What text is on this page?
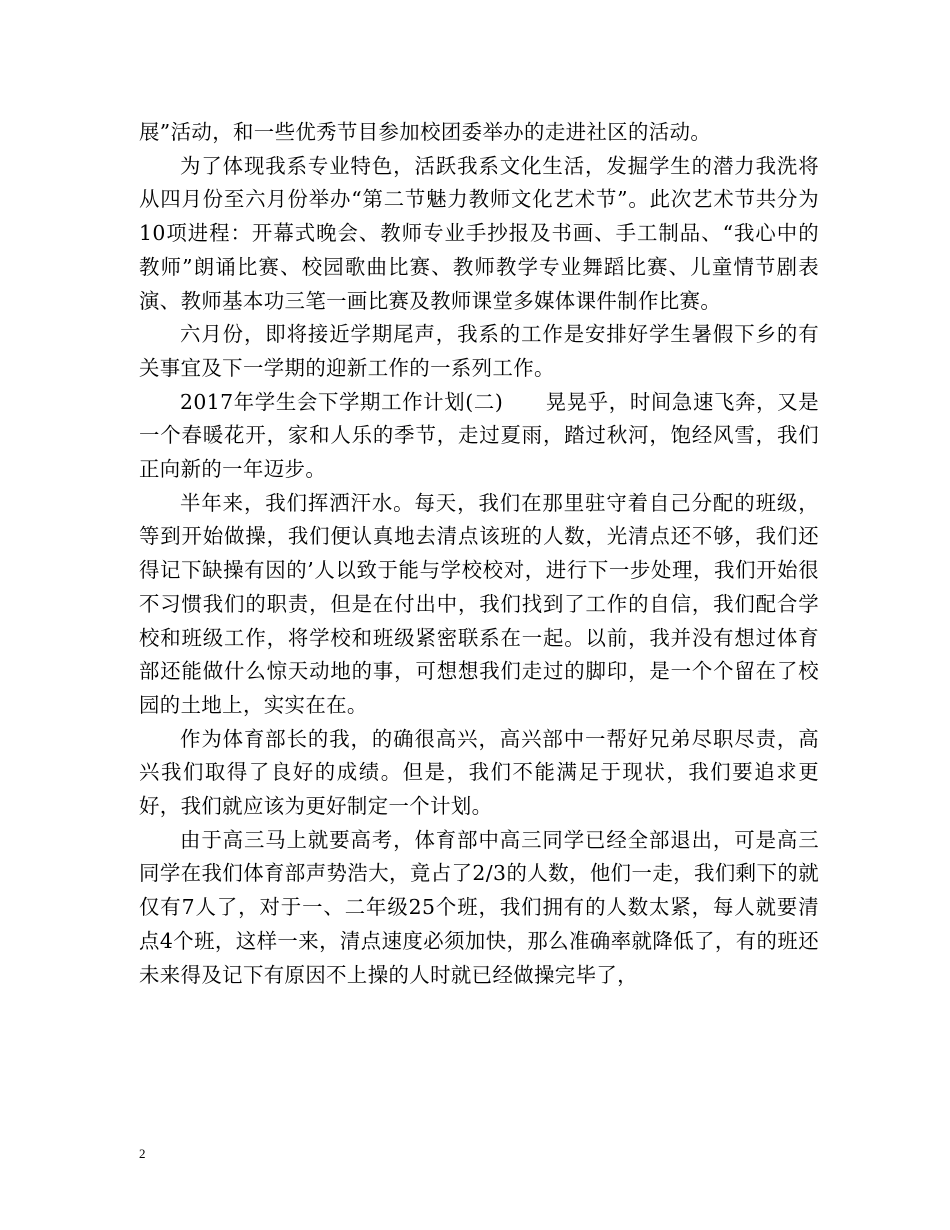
展”活动，和一些优秀节目参加校团委举办的走进社区的活动。

为了体现我系专业特色，活跃我系文化生活，发掘学生的潜力我洗将从四月份至六月份举办“第二节魅力教师文化艺术节”。此次艺术节共分为10项进程：开幕式晚会、教师专业手抄报及书画、手工制品、“我心中的教师”朗诵比赛、校园歌曲比赛、教师教学专业舞蹈比赛、儿童情节剧表演、教师基本功三笔一画比赛及教师课堂多媒体课件制作比赛。

六月份，即将接近学期尾声，我系的工作是安排好学生暑假下乡的有关事宜及下一学期的迎新工作的一系列工作。

2017年学生会下学期工作计划(二)　　晃晃乎，时间急速飞奔，又是一个春暖花开，家和人乐的季节，走过夏雨，踏过秋河，饱经风雪，我们正向新的一年迈步。

半年来，我们挥洒汗水。每天，我们在那里驻守着自己分配的班级，等到开始做操，我们便认真地去清点该班的人数，光清点还不够，我们还得记下缺操有因的’人以致于能与学校校对，进行下一步处理，我们开始很不习惯我们的职责，但是在付出中，我们找到了工作的自信，我们配合学校和班级工作，将学校和班级紧密联系在一起。以前，我并没有想过体育部还能做什么惊天动地的事，可想想我们走过的脚印，是一个个留在了校园的土地上，实实在在。

作为体育部长的我，的确很高兴，高兴部中一帮好兄弟尽职尽责，高兴我们取得了良好的成绩。但是，我们不能满足于现状，我们要追求更好，我们就应该为更好制定一个计划。

由于高三马上就要高考，体育部中高三同学已经全部退出，可是高三同学在我们体育部声势浩大，竟占了2/3的人数，他们一走，我们剩下的就仅有7人了，对于一、二年级25个班，我们拥有的人数太紧，每人就要清点4个班，这样一来，清点速度必须加快，那么准确率就降低了，有的班还未来得及记下有原因不上操的人时就已经做操完毕了，

2
